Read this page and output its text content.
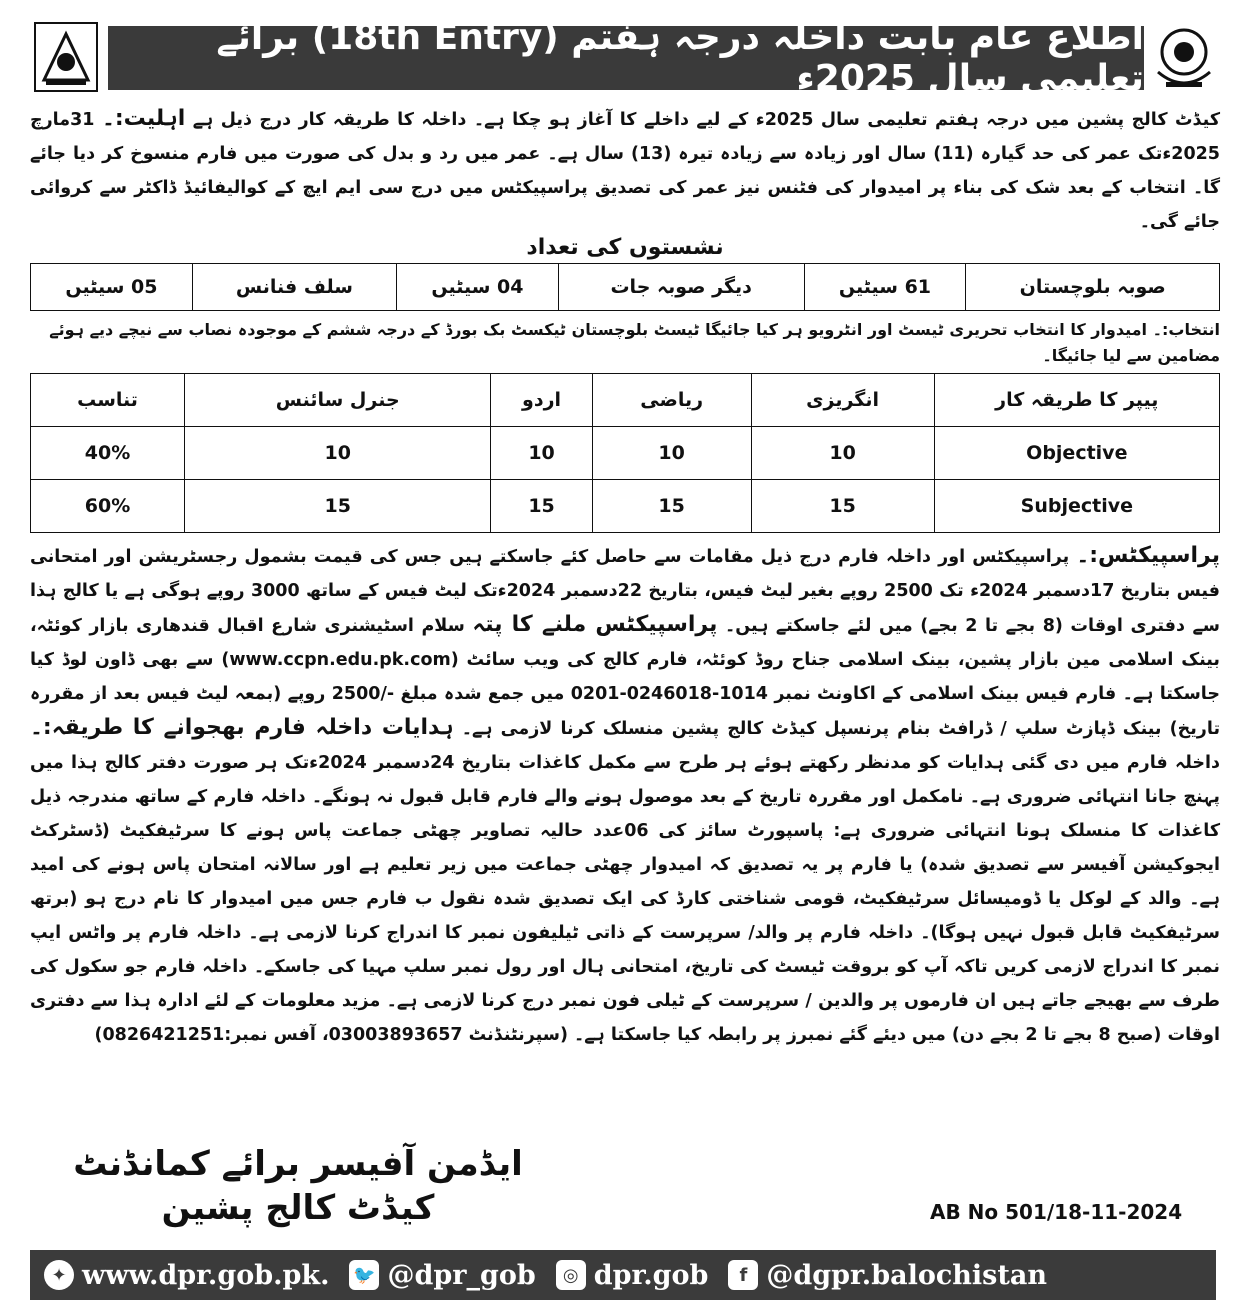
اطلاع عام بابت داخلہ درجہ ہفتم (18th Entry) برائے تعلیمی سال 2025ء
کیڈٹ کالج پشین میں درجہ ہفتم تعلیمی سال 2025ء کے لیے داخلے کا آغاز ہو چکا ہے۔ داخلہ کا طریقہ کار درج ذیل ہے اہلیت:۔ 31مارچ 2025ءتک عمر کی حد گیارہ (11) سال اور زیادہ سے زیادہ تیرہ (13) سال ہے۔ عمر میں رد و بدل کی صورت میں فارم منسوخ کر دیا جائے گا۔ انتخاب کے بعد شک کی بناء پر امیدوار کی فٹنس نیز عمر کی تصدیق پراسپیکٹس میں درج سی ایم ایچ کے کوالیفائیڈ ڈاکٹر سے کروائی جائے گی۔
نشستوں کی تعداد
صوبہ بلوچستان	61 سیٹیں	دیگر صوبہ جات	04 سیٹیں	سلف فنانس	05 سیٹیں
انتخاب:۔ امیدوار کا انتخاب تحریری ٹیسٹ اور انٹرویو ہر کیا جائیگا ٹیسٹ بلوچستان ٹیکسٹ بک بورڈ کے درجہ ششم کے موجودہ نصاب سے نیچے دیے ہوئے مضامین سے لیا جائیگا۔
پیپر کا طریقہ کار	انگریزی	ریاضی	اردو	جنرل سائنس	تناسب
Objective	10	10	10	10	40%
Subjective	15	15	15	15	60%
پراسپیکٹس:۔ پراسپیکٹس اور داخلہ فارم درج ذیل مقامات سے حاصل کئے جاسکتے ہیں جس کی قیمت بشمول رجسٹریشن اور امتحانی فیس بتاریخ 17دسمبر 2024ء تک 2500 روپے بغیر لیٹ فیس، بتاریخ 22دسمبر 2024ءتک لیٹ فیس کے ساتھ 3000 روپے ہوگی ہے یا کالج ہذا سے دفتری اوقات (8 بجے تا 2 بجے) میں لئے جاسکتے ہیں۔ پراسپیکٹس ملنے کا پتہ سلام اسٹیشنری شارع اقبال قندھاری بازار کوئٹہ، بینک اسلامی مین بازار پشین، بینک اسلامی جناح روڈ کوئٹہ، فارم کالج کی ویب سائٹ (www.ccpn.edu.pk.com) سے بھی ڈاون لوڈ کیا جاسکتا ہے۔ فارم فیس بینک اسلامی کے اکاونٹ نمبر 1014-0246018-0201 میں جمع شدہ مبلغ -/2500 روپے (بمعہ لیٹ فیس بعد از مقررہ تاریخ) بینک ڈپازٹ سلپ / ڈرافٹ بنام پرنسپل کیڈٹ کالج پشین منسلک کرنا لازمی ہے۔ ہدایات داخلہ فارم بھجوانے کا طریقہ:۔ داخلہ فارم میں دی گئی ہدایات کو مدنظر رکھتے ہوئے ہر طرح سے مکمل کاغذات بتاریخ 24دسمبر 2024ءتک ہر صورت دفتر کالج ہذا میں پہنچ جانا انتہائی ضروری ہے۔ نامکمل اور مقررہ تاریخ کے بعد موصول ہونے والے فارم قابل قبول نہ ہونگے۔ داخلہ فارم کے ساتھ مندرجہ ذیل کاغذات کا منسلک ہونا انتہائی ضروری ہے: پاسپورٹ سائز کی 06عدد حالیہ تصاویر چھٹی جماعت پاس ہونے کا سرٹیفکیٹ (ڈسٹرکٹ ایجوکیشن آفیسر سے تصدیق شدہ) یا فارم پر یہ تصدیق کہ امیدوار چھٹی جماعت میں زیر تعلیم ہے اور سالانہ امتحان پاس ہونے کی امید ہے۔ والد کے لوکل یا ڈومیسائل سرٹیفکیٹ، قومی شناختی کارڈ کی ایک تصدیق شدہ نقول ب فارم جس میں امیدوار کا نام درج ہو (برتھ سرٹیفکیٹ قابل قبول نہیں ہوگا)۔ داخلہ فارم پر والد/ سرپرست کے ذاتی ٹیلیفون نمبر کا اندراج کرنا لازمی ہے۔ داخلہ فارم پر واٹس ایپ نمبر کا اندراج لازمی کریں تاکہ آپ کو بروقت ٹیسٹ کی تاریخ، امتحانی ہال اور رول نمبر سلپ مہیا کی جاسکے۔ داخلہ فارم جو سکول کی طرف سے بھیجے جاتے ہیں ان فارموں پر والدین / سرپرست کے ٹیلی فون نمبر درج کرنا لازمی ہے۔ مزید معلومات کے لئے ادارہ ہذا سے دفتری اوقات (صبح 8 بجے تا 2 بجے دن) میں دیئے گئے نمبرز پر رابطہ کیا جاسکتا ہے۔ (سپرنٹنڈنٹ 03003893657، آفس نمبر:0826421251)
ایڈمن آفیسر برائے کمانڈنٹ
کیڈٹ کالج پشین	AB No 501/18-11-2024
✦ www.dpr.gob.pk. 🐦 @dpr_gob	◎ dpr.gob	f @dgpr.balochistan
